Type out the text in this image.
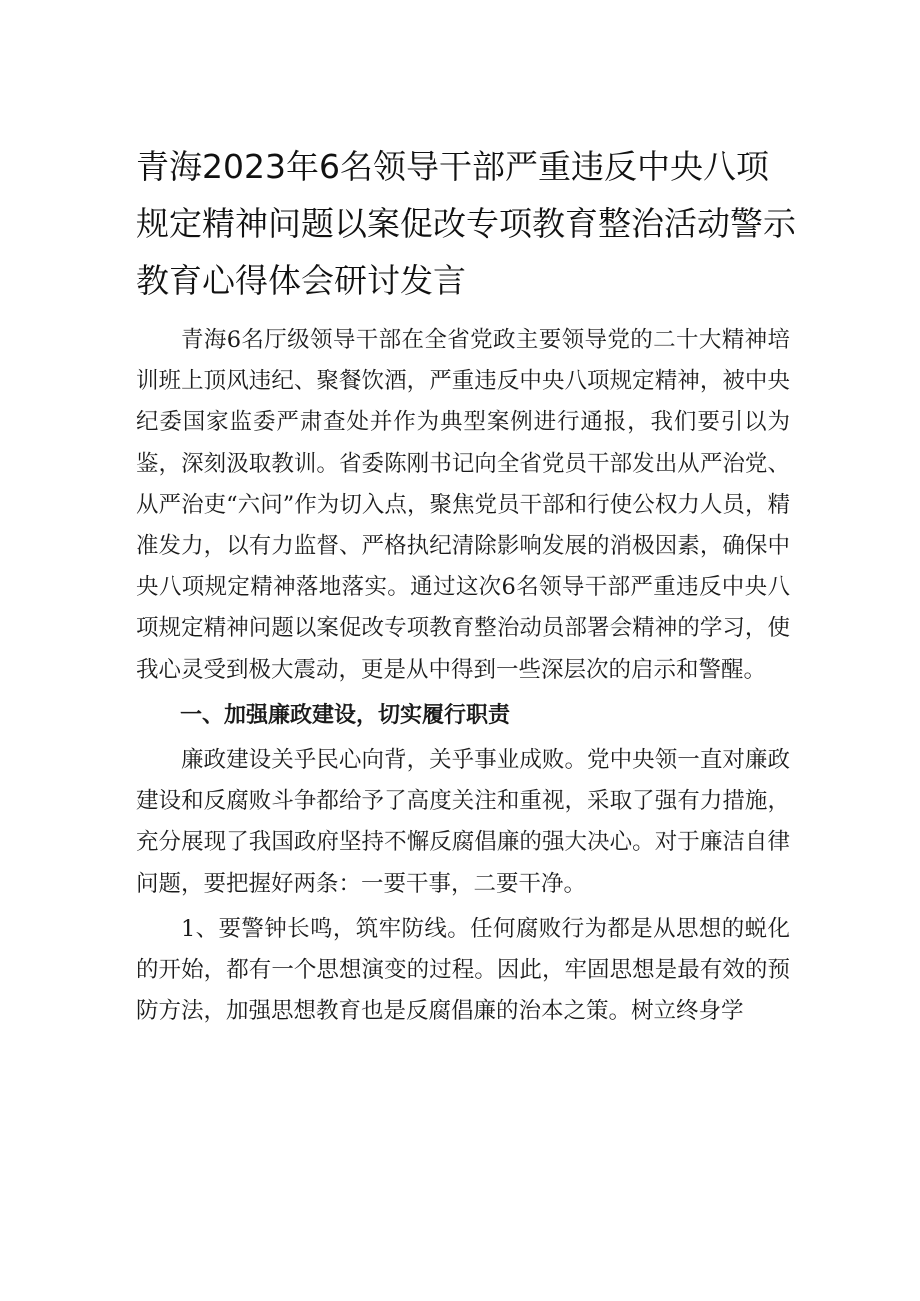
青海2023年6名领导干部严重违反中央八项规定精神问题以案促改专项教育整治活动警示教育心得体会研讨发言

青海6名厅级领导干部在全省党政主要领导党的二十大精神培训班上顶风违纪、聚餐饮酒，严重违反中央八项规定精神，被中央纪委国家监委严肃查处并作为典型案例进行通报，我们要引以为鉴，深刻汲取教训。省委陈刚书记向全省党员干部发出从严治党、从严治吏“六问”作为切入点，聚焦党员干部和行使公权力人员，精准发力，以有力监督、严格执纪清除影响发展的消极因素，确保中央八项规定精神落地落实。通过这次6名领导干部严重违反中央八项规定精神问题以案促改专项教育整治动员部署会精神的学习，使我心灵受到极大震动，更是从中得到一些深层次的启示和警醒。

一、加强廉政建设，切实履行职责

廉政建设关乎民心向背，关乎事业成败。党中央领一直对廉政建设和反腐败斗争都给予了高度关注和重视，采取了强有力措施，充分展现了我国政府坚持不懈反腐倡廉的强大决心。对于廉洁自律问题，要把握好两条：一要干事，二要干净。

1、要警钟长鸣，筑牢防线。任何腐败行为都是从思想的蜕化的开始，都有一个思想演变的过程。因此，牢固思想是最有效的预防方法，加强思想教育也是反腐倡廉的治本之策。树立终身学
